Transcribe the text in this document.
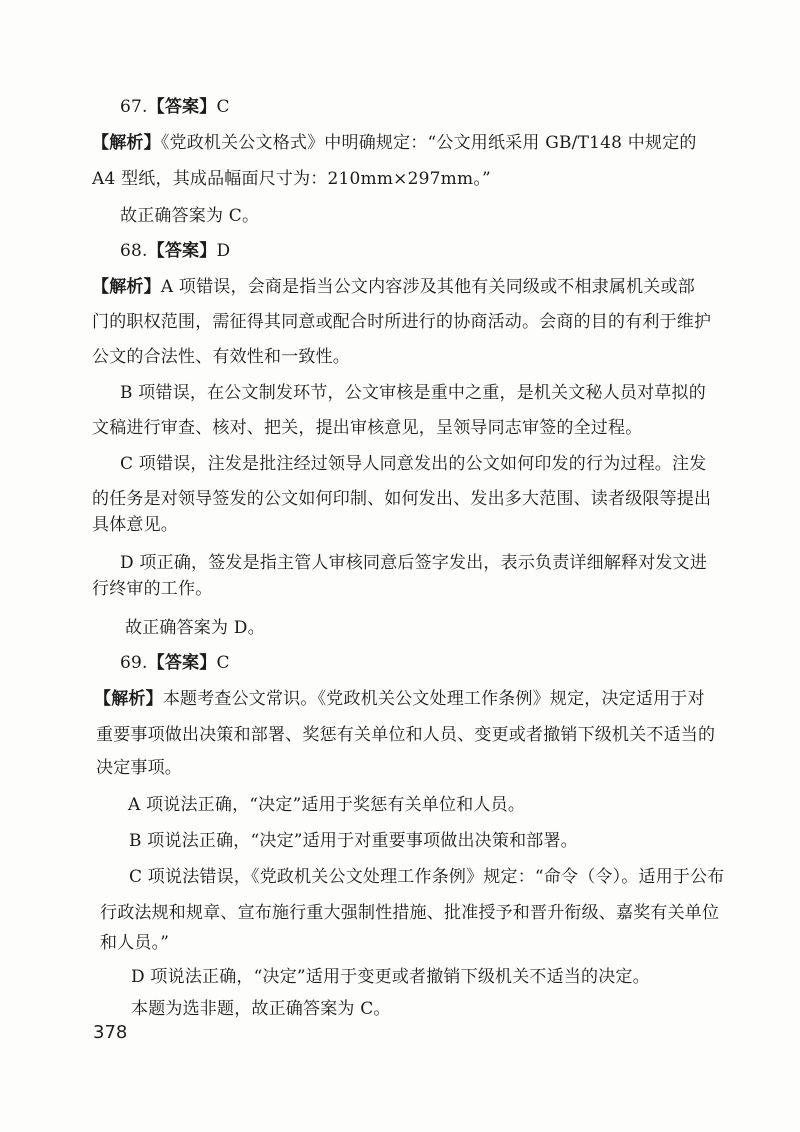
67.【答案】C
【解析】《党政机关公文格式》中明确规定：“公文用纸采用 GB/T148 中规定的
A4 型纸，其成品幅面尺寸为：210mm×297mm。”
故正确答案为 C。
68.【答案】D
【解析】A 项错误，会商是指当公文内容涉及其他有关同级或不相隶属机关或部
门的职权范围，需征得其同意或配合时所进行的协商活动。会商的目的有利于维护
公文的合法性、有效性和一致性。
B 项错误，在公文制发环节，公文审核是重中之重，是机关文秘人员对草拟的
文稿进行审查、核对、把关，提出审核意见，呈领导同志审签的全过程。
C 项错误，注发是批注经过领导人同意发出的公文如何印发的行为过程。注发
的任务是对领导签发的公文如何印制、如何发出、发出多大范围、读者级限等提出
具体意见。
D 项正确，签发是指主管人审核同意后签字发出，表示负责详细解释对发文进
行终审的工作。
故正确答案为 D。
69.【答案】C
【解析】本题考查公文常识。《党政机关公文处理工作条例》规定，决定适用于对
重要事项做出决策和部署、奖惩有关单位和人员、变更或者撤销下级机关不适当的
决定事项。
A 项说法正确，“决定”适用于奖惩有关单位和人员。
B 项说法正确，“决定”适用于对重要事项做出决策和部署。
C 项说法错误，《党政机关公文处理工作条例》规定：“命令（令）。适用于公布
行政法规和规章、宣布施行重大强制性措施、批准授予和晋升衔级、嘉奖有关单位
和人员。”
D 项说法正确，“决定”适用于变更或者撤销下级机关不适当的决定。
本题为选非题，故正确答案为 C。
378
